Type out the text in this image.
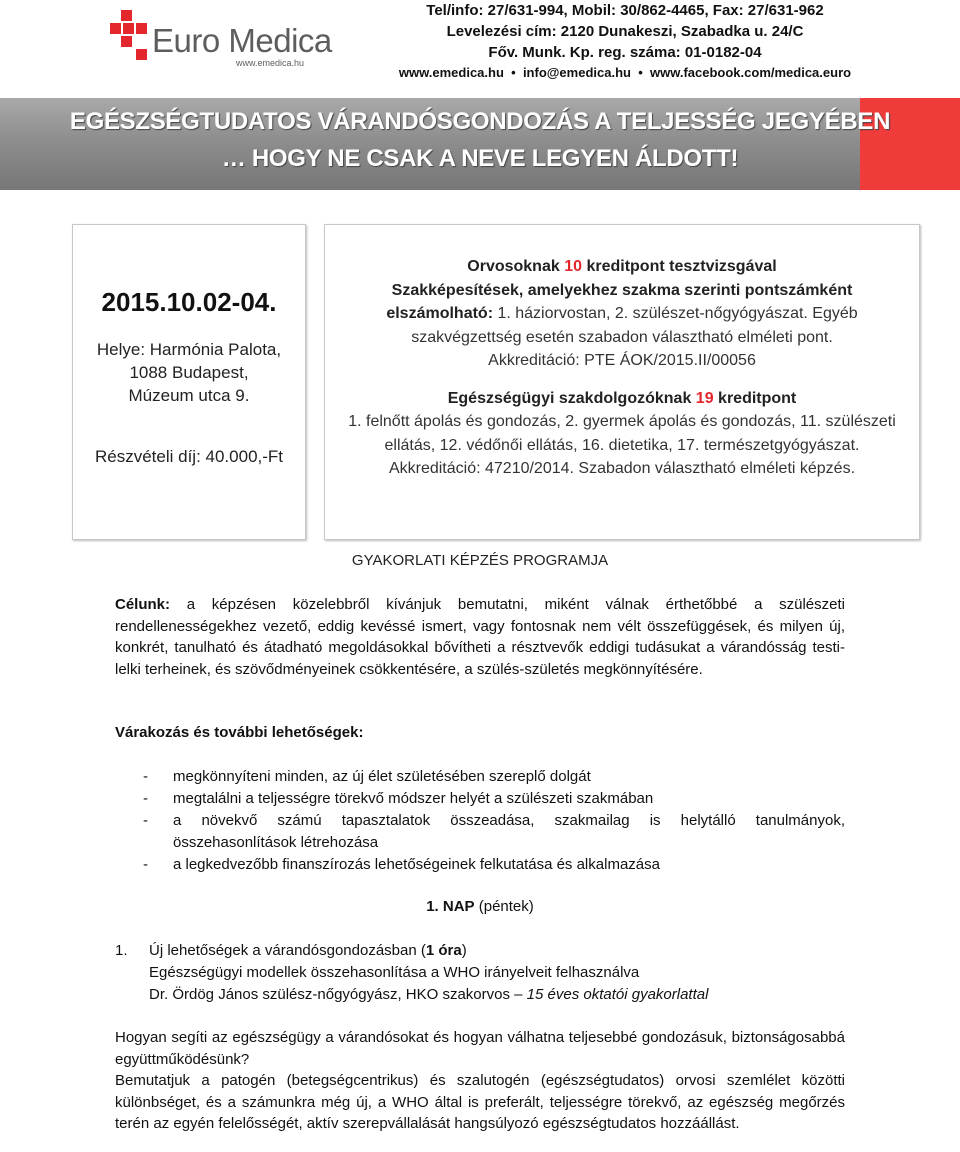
Euro Medica
www.emedica.hu
Tel/info: 27/631-994, Mobil: 30/862-4465, Fax: 27/631-962
Levelezési cím: 2120 Dunakeszi, Szabadka u. 24/C
Főv. Munk. Kp. reg. száma: 01-0182-04
www.emedica.hu • info@emedica.hu • www.facebook.com/medica.euro
EGÉSZSÉGTUDATOS VÁRANDÓSGONDOZÁS A TELJESSÉG JEGYÉBEN
… HOGY NE CSAK A NEVE LEGYEN ÁLDOTT!
2015.10.02-04.
Helye: Harmónia Palota,
1088 Budapest,
Múzeum utca 9.
Részvételi díj: 40.000,-Ft
Orvosoknak 10 kreditpont tesztvizsgával
Szakképesítések, amelyekhez szakma szerinti pontszámként elszámolható: 1. háziorvostan, 2. szülészet-nőgyógyászat. Egyéb szakvégzettség esetén szabadon választható elméleti pont.
Akkreditáció: PTE ÁOK/2015.II/00056
Egészségügyi szakdolgozóknak 19 kreditpont
1. felnőtt ápolás és gondozás, 2. gyermek ápolás és gondozás, 11. szülészeti ellátás, 12. védőnői ellátás, 16. dietetika, 17. természetgyógyászat. Akkreditáció: 47210/2014. Szabadon választható elméleti képzés.
GYAKORLATI KÉPZÉS PROGRAMJA
Célunk: a képzésen közelebbről kívánjuk bemutatni, miként válnak érthetőbbé a szülészeti rendellenességekhez vezető, eddig kevéssé ismert, vagy fontosnak nem vélt összefüggések, és milyen új, konkrét, tanulható és átadható megoldásokkal bővítheti a résztvevők eddigi tudásukat a várandósság testi-lelki terheinek, és szövődményeinek csökkentésére, a szülés-születés megkönnyítésére.
Várakozás és további lehetőségek:
- megkönnyíteni minden, az új élet születésében szereplő dolgát
- megtalálni a teljességre törekvő módszer helyét a szülészeti szakmában
- a növekvő számú tapasztalatok összeadása, szakmailag is helytálló tanulmányok, összehasonlítások létrehozása
- a legkedvezőbb finanszírozás lehetőségeinek felkutatása és alkalmazása
1. NAP (péntek)
1. Új lehetőségek a várandósgondozásban (1 óra)
Egészségügyi modellek összehasonlítása a WHO irányelveit felhasználva
Dr. Ördög János szülész-nőgyógyász, HKO szakorvos – 15 éves oktatói gyakorlattal
Hogyan segíti az egészségügy a várandósokat és hogyan válhatna teljesebbé gondozásuk, biztonságosabbá együttműködésünk?
Bemutatjuk a patogén (betegségcentrikus) és szalutogén (egészségtudatos) orvosi szemlélet közötti különbséget, és a számunkra még új, a WHO által is preferált, teljességre törekvő, az egészség megőrzés terén az egyén felelősségét, aktív szerepvállalását hangsúlyozó egészségtudatos hozzáállást.
